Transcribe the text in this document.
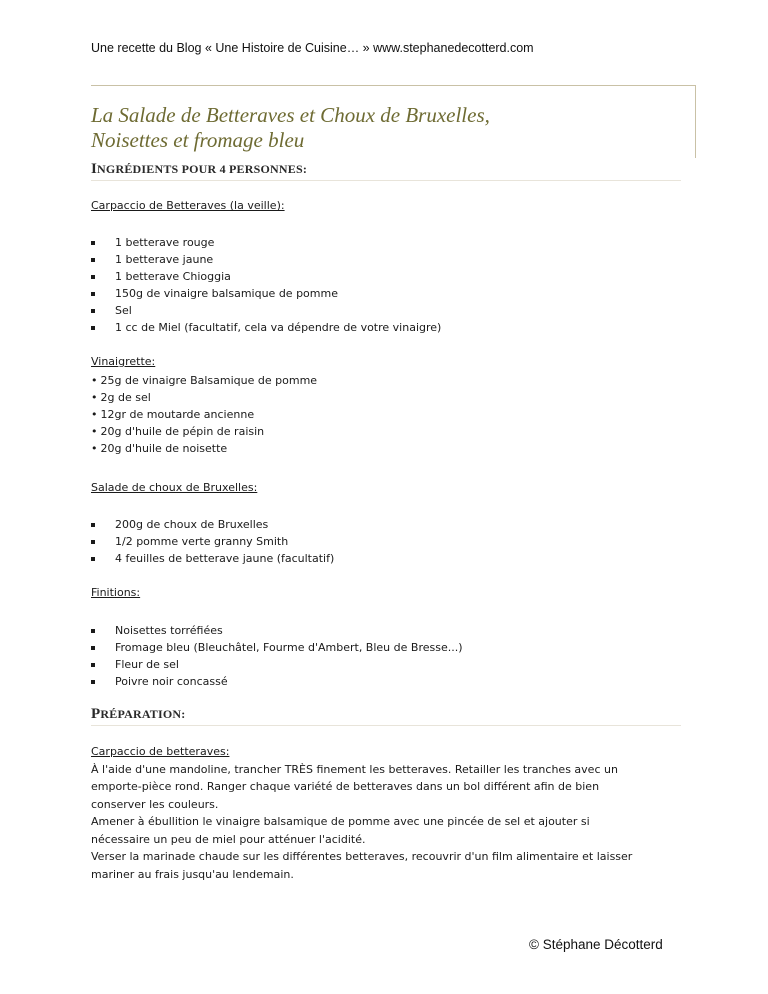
Une recette du Blog « Une Histoire de Cuisine… » www.stephanedecotterd.com
La Salade de Betteraves et Choux de Bruxelles,
Noisettes et fromage bleu
INGRÉDIENTS POUR 4 PERSONNES:
Carpaccio de Betteraves (la veille):
1 betterave rouge
1 betterave jaune
1 betterave Chioggia
150g de vinaigre balsamique de pomme
Sel
1 cc de Miel (facultatif, cela va dépendre de votre vinaigre)
Vinaigrette:
• 25g de vinaigre Balsamique de pomme
• 2g de sel
• 12gr de moutarde ancienne
• 20g d'huile de pépin de raisin
• 20g d'huile de noisette
Salade de choux de Bruxelles:
200g de choux de Bruxelles
1/2 pomme verte granny Smith
4 feuilles de betterave jaune (facultatif)
Finitions:
Noisettes torréfiées
Fromage bleu (Bleuchâtel, Fourme d'Ambert, Bleu de Bresse...)
Fleur de sel
Poivre noir concassé
PRÉPARATION:

Carpaccio de betteraves:

À l'aide d'une mandoline, trancher TRÈS finement les betteraves. Retailler les tranches avec un

emporte-pièce rond. Ranger chaque variété de betteraves dans un bol différent afin de bien

conserver les couleurs.

Amener à ébullition le vinaigre balsamique de pomme avec une pincée de sel et ajouter si

nécessaire un peu de miel pour atténuer l'acidité.

Verser la marinade chaude sur les différentes betteraves, recouvrir d'un film alimentaire et laisser

mariner au frais jusqu'au lendemain.

© Stéphane Décotterd
